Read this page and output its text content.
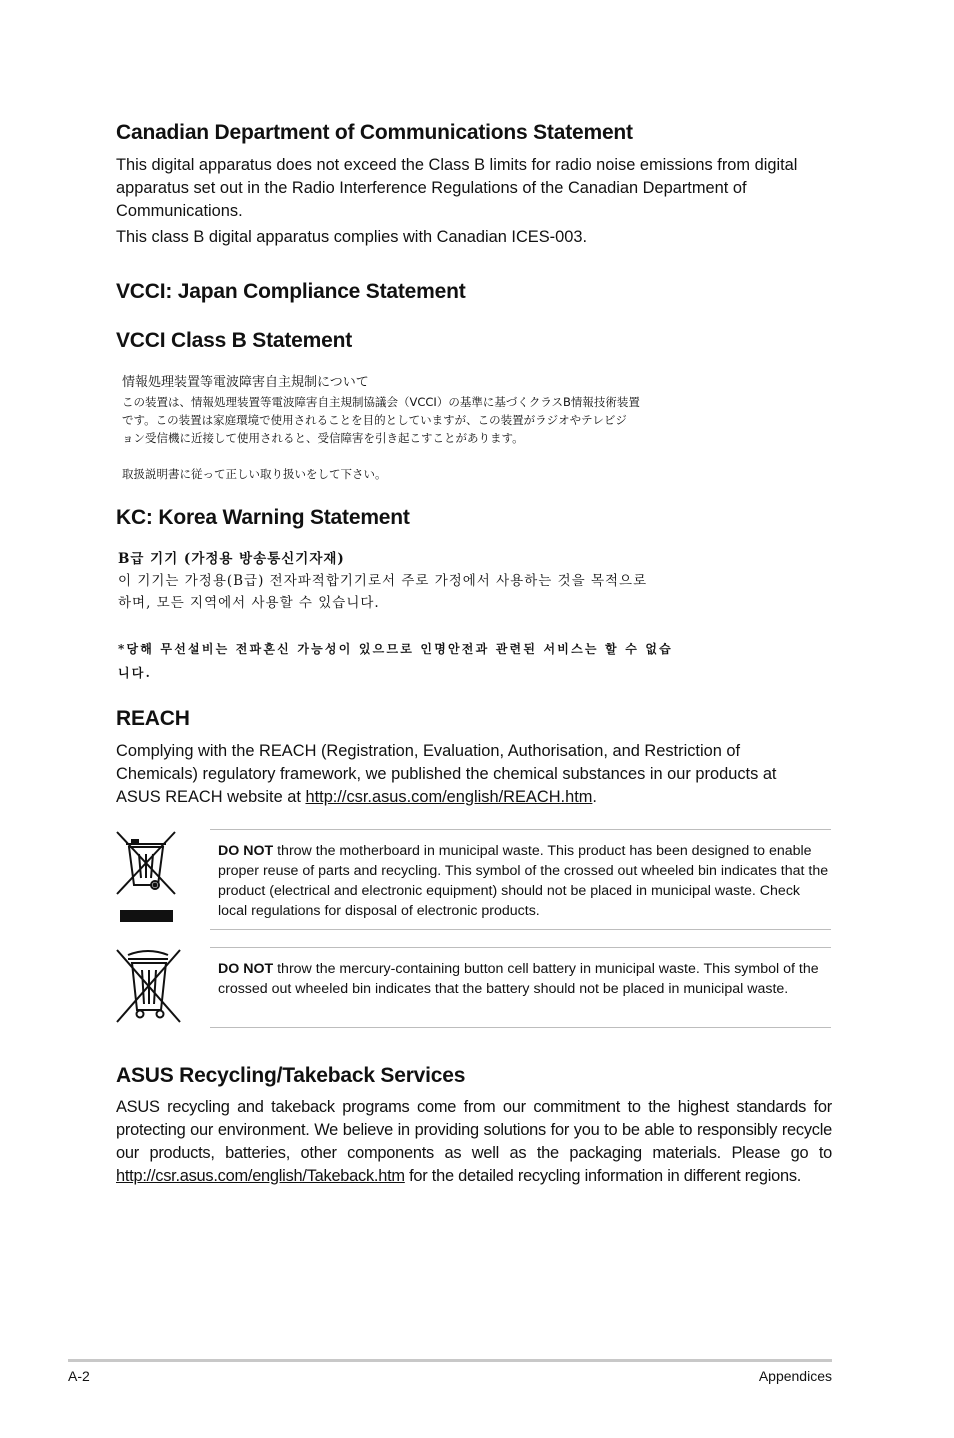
Canadian Department of Communications Statement

This digital apparatus does not exceed the Class B limits for radio noise emissions from digital apparatus set out in the Radio Interference Regulations of the Canadian Department of Communications.

This class B digital apparatus complies with Canadian ICES-003.

VCCI: Japan Compliance Statement
VCCI Class B Statement
情報処理装置等電波障害自主規制について
この装置は、情報処理装置等電波障害自主規制協議会（VCCI）の基準に基づくクラスB情報技術装置
です。この装置は家庭環境で使用されることを目的としていますが、この装置がラジオやテレビジ
ョン受信機に近接して使用されると、受信障害を引き起こすことがあります。
取扱説明書に従って正しい取り扱いをして下さい。
KC: Korea Warning Statement
B급 기기 (가정용 방송통신기자재)
이 기기는 가정용(B급) 전자파적합기기로서 주로 가정에서 사용하는 것을 목적으로
하며, 모든 지역에서 사용할 수 있습니다.
*당해 무선설비는 전파혼신 가능성이 있으므로 인명안전과 관련된 서비스는 할 수 없습
니다.
REACH

Complying with the REACH (Registration, Evaluation, Authorisation, and Restriction of Chemicals) regulatory framework, we published the chemical substances in our products at ASUS REACH website at http://csr.asus.com/english/REACH.htm.

DO NOT throw the motherboard in municipal waste. This product has been designed to enable proper reuse of parts and recycling. This symbol of the crossed out wheeled bin indicates that the product (electrical and electronic equipment) should not be placed in municipal waste. Check local regulations for disposal of electronic products.

DO NOT throw the mercury-containing button cell battery in municipal waste. This symbol of the crossed out wheeled bin indicates that the battery should not be placed in municipal waste.

ASUS Recycling/Takeback Services

ASUS recycling and takeback programs come from our commitment to the highest standards for protecting our environment. We believe in providing solutions for you to be able to responsibly recycle our products, batteries, other components as well as the packaging materials. Please go to http://csr.asus.com/english/Takeback.htm for the detailed recycling information in different regions.

A-2	Appendices
